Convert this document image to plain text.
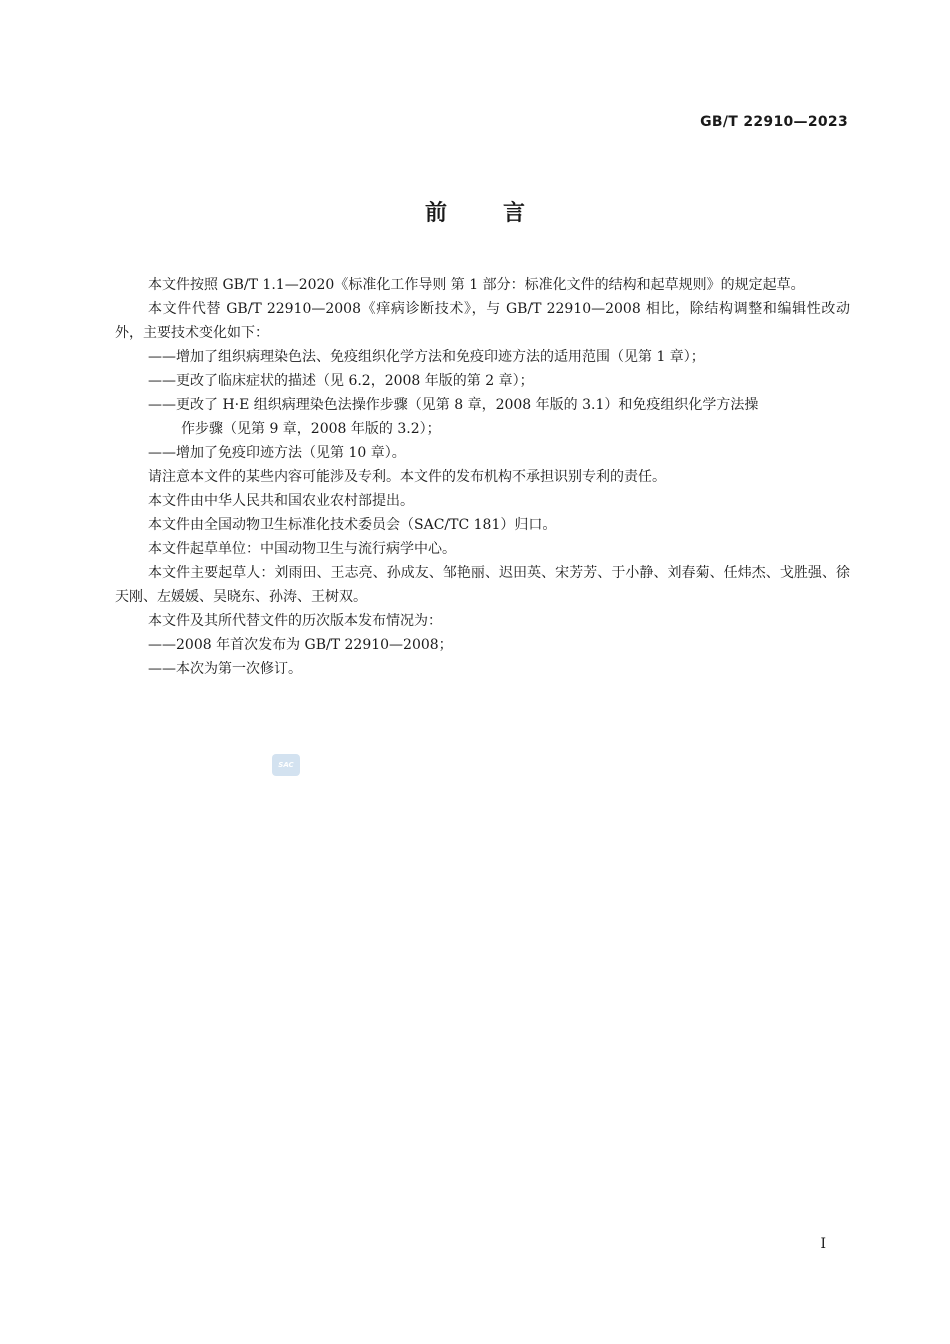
GB/T 22910—2023
前言

本文件按照 GB/T 1.1—2020《标准化工作导则 第 1 部分：标准化文件的结构和起草规则》的规定起草。

本文件代替 GB/T 22910—2008《痒病诊断技术》，与 GB/T 22910—2008 相比，除结构调整和编辑性改动外，主要技术变化如下：

——增加了组织病理染色法、免疫组织化学方法和免疫印迹方法的适用范围（见第 1 章）；

——更改了临床症状的描述（见 6.2，2008 年版的第 2 章）；

——更改了 H·E 组织病理染色法操作步骤（见第 8 章，2008 年版的 3.1）和免疫组织化学方法操
作步骤（见第 9 章，2008 年版的 3.2）；

——增加了免疫印迹方法（见第 10 章）。

请注意本文件的某些内容可能涉及专利。本文件的发布机构不承担识别专利的责任。

本文件由中华人民共和国农业农村部提出。

本文件由全国动物卫生标准化技术委员会（SAC/TC 181）归口。

本文件起草单位：中国动物卫生与流行病学中心。

本文件主要起草人：刘雨田、王志亮、孙成友、邹艳丽、迟田英、宋芳芳、于小静、刘春菊、任炜杰、戈胜强、徐天刚、左媛媛、吴晓东、孙涛、王树双。

本文件及其所代替文件的历次版本发布情况为：

——2008 年首次发布为 GB/T 22910—2008；

——本次为第一次修订。

SAC
I
